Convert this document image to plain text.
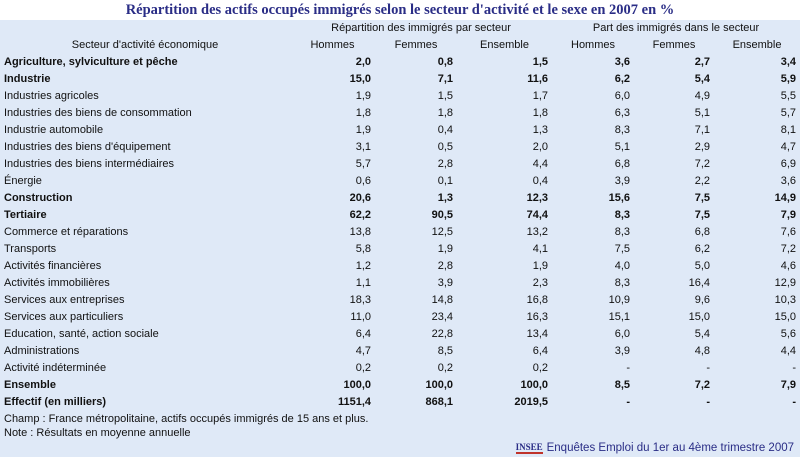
Répartition des actifs occupés immigrés selon le secteur d'activité et le sexe en 2007 en %
	Répartition des immigrés par secteur			Part des immigrés dans le secteur		
Secteur d'activité économique	Hommes	Femmes	Ensemble	Hommes	Femmes	Ensemble
Agriculture, sylviculture et pêche	2,0	0,8	1,5	3,6	2,7	3,4
Industrie	15,0	7,1	11,6	6,2	5,4	5,9
Industries agricoles	1,9	1,5	1,7	6,0	4,9	5,5
Industries des biens de consommation	1,8	1,8	1,8	6,3	5,1	5,7
Industrie automobile	1,9	0,4	1,3	8,3	7,1	8,1
Industries des biens d'équipement	3,1	0,5	2,0	5,1	2,9	4,7
Industries des biens intermédiaires	5,7	2,8	4,4	6,8	7,2	6,9
Énergie	0,6	0,1	0,4	3,9	2,2	3,6
Construction	20,6	1,3	12,3	15,6	7,5	14,9
Tertiaire	62,2	90,5	74,4	8,3	7,5	7,9
Commerce et réparations	13,8	12,5	13,2	8,3	6,8	7,6
Transports	5,8	1,9	4,1	7,5	6,2	7,2
Activités financières	1,2	2,8	1,9	4,0	5,0	4,6
Activités immobilières	1,1	3,9	2,3	8,3	16,4	12,9
Services aux entreprises	18,3	14,8	16,8	10,9	9,6	10,3
Services aux particuliers	11,0	23,4	16,3	15,1	15,0	15,0
Education, santé, action sociale	6,4	22,8	13,4	6,0	5,4	5,6
Administrations	4,7	8,5	6,4	3,9	4,8	4,4
Activité indéterminée	0,2	0,2	0,2	-	-	-
Ensemble	100,0	100,0	100,0	8,5	7,2	7,9
Effectif (en milliers)	1151,4	868,1	2019,5	-	-	-
Champ : France métropolitaine, actifs occupés immigrés de 15 ans et plus.
Note : Résultats en moyenne annuelle
INSEE Enquêtes Emploi du 1er au 4ème trimestre 2007
